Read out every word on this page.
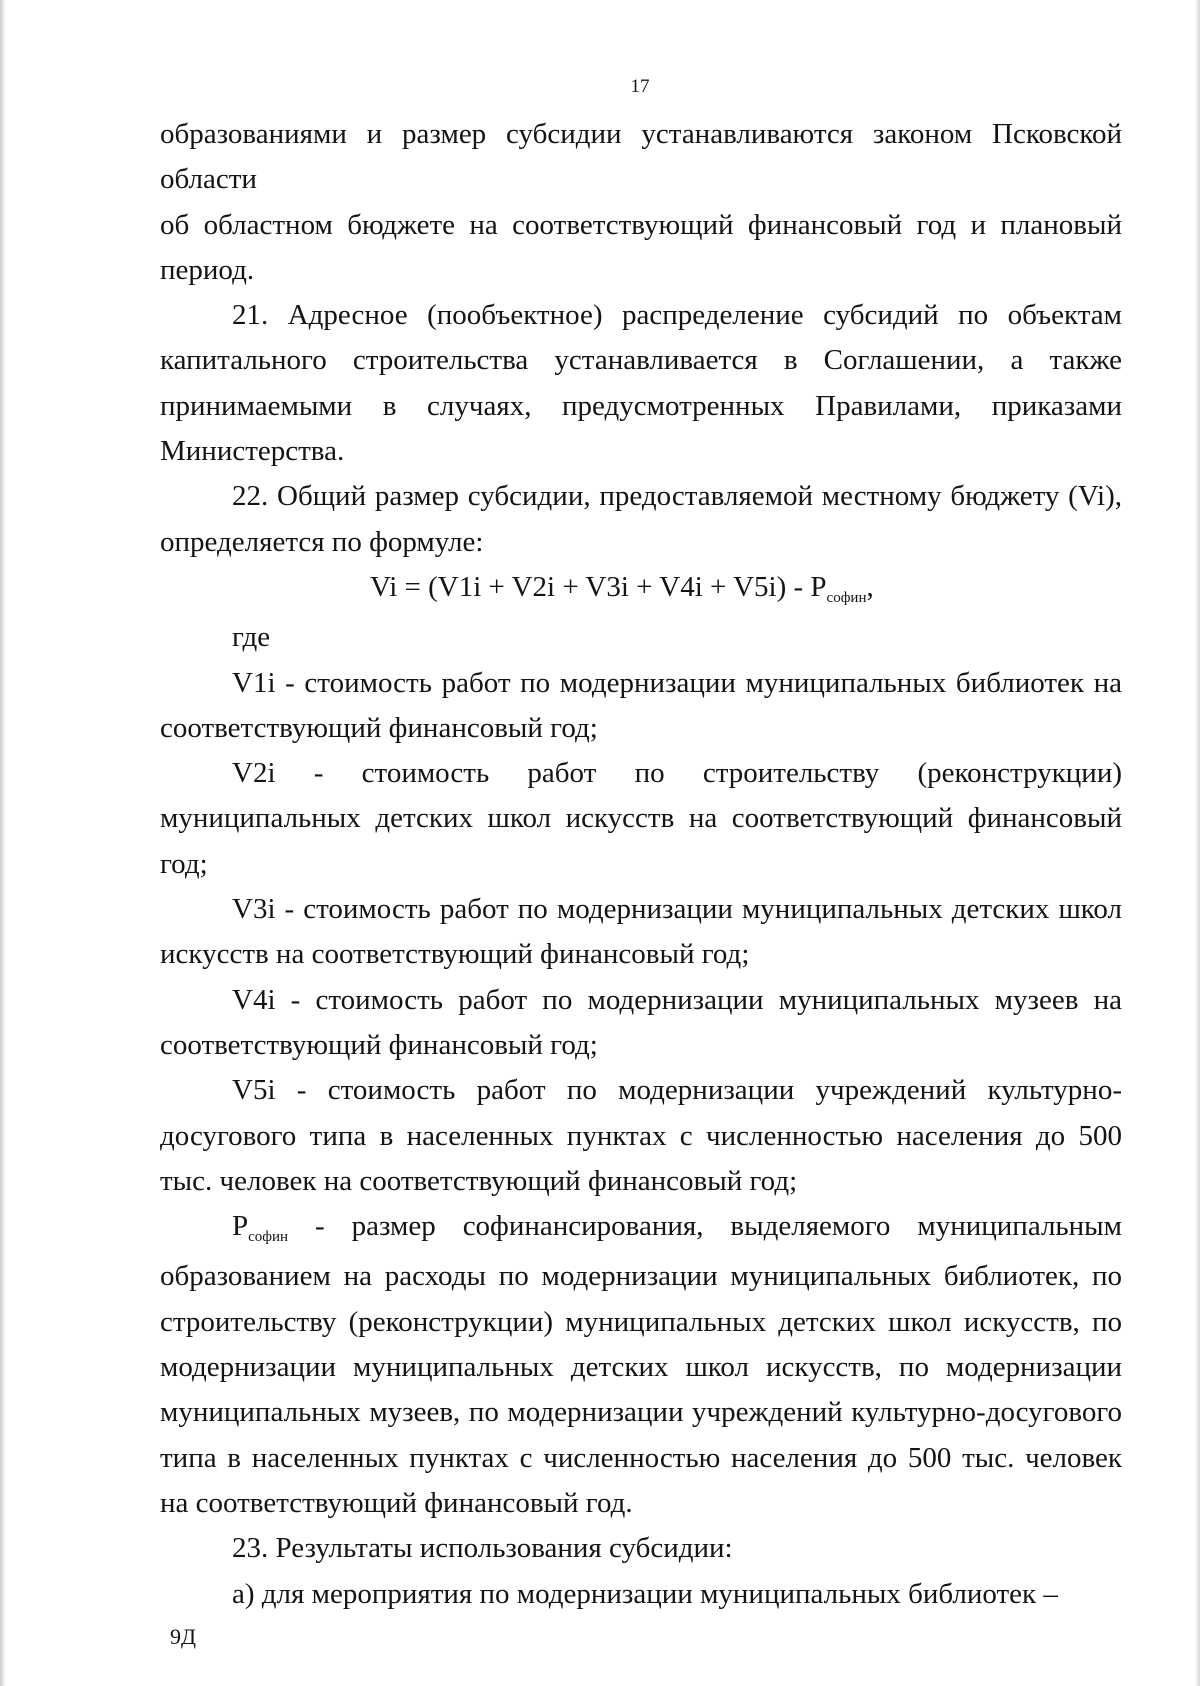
17

образованиями и размер субсидии устанавливаются законом Псковской области

об областном бюджете на соответствующий финансовый год и плановый период.

21. Адресное (пообъектное) распределение субсидий по объектам капитального строительства устанавливается в Соглашении, а также принимаемыми в случаях, предусмотренных Правилами, приказами Министерства.

22. Общий размер субсидии, предоставляемой местному бюджету (Vi), определяется по формуле:

$Vi = (V1i + V2i + V3i + V4i + V5i) - P_{софин}$,

где

V1i - стоимость работ по модернизации муниципальных библиотек на соответствующий финансовый год;

V2i - стоимость работ по строительству (реконструкции) муниципальных детских школ искусств на соответствующий финансовый год;

V3i - стоимость работ по модернизации муниципальных детских школ искусств на соответствующий финансовый год;

V4i - стоимость работ по модернизации муниципальных музеев на соответствующий финансовый год;

V5i - стоимость работ по модернизации учреждений культурно-досугового типа в населенных пунктах с численностью населения до 500 тыс. человек на соответствующий финансовый год;

$P_{софин}$ - размер софинансирования, выделяемого муниципальным образованием на расходы по модернизации муниципальных библиотек, по строительству (реконструкции) муниципальных детских школ искусств, по модернизации муниципальных детских школ искусств, по модернизации муниципальных музеев, по модернизации учреждений культурно-досугового типа в населенных пунктах с численностью населения до 500 тыс. человек на соответствующий финансовый год.

23. Результаты использования субсидии:

а) для мероприятия по модернизации муниципальных библиотек –

9Д
